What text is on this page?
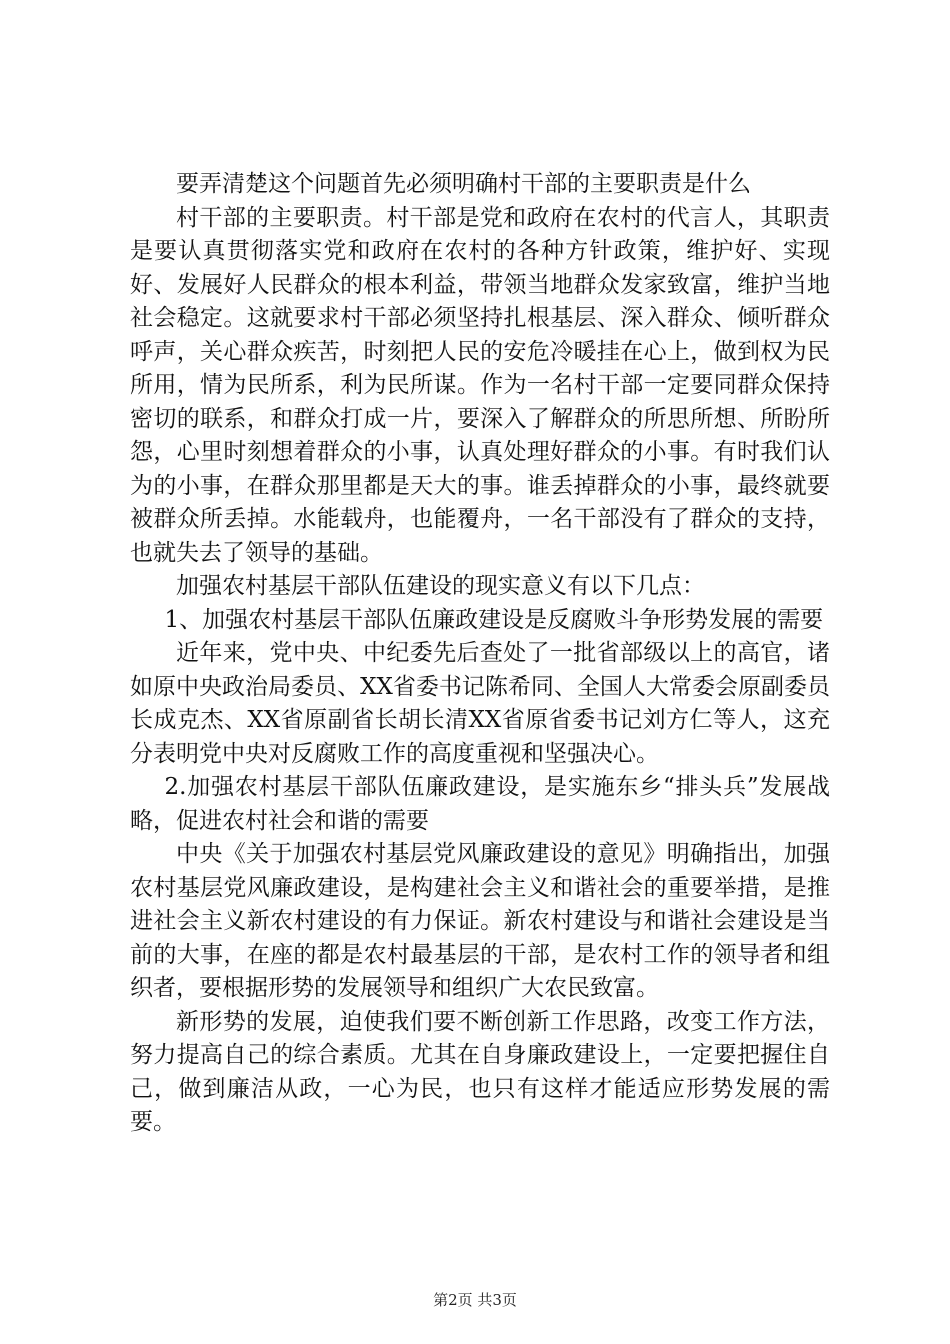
要弄清楚这个问题首先必须明确村干部的主要职责是什么

村干部的主要职责。村干部是党和政府在农村的代言人，其职责是要认真贯彻落实党和政府在农村的各种方针政策，维护好、实现好、发展好人民群众的根本利益，带领当地群众发家致富，维护当地社会稳定。这就要求村干部必须坚持扎根基层、深入群众、倾听群众呼声，关心群众疾苦，时刻把人民的安危冷暖挂在心上，做到权为民所用，情为民所系，利为民所谋。作为一名村干部一定要同群众保持密切的联系，和群众打成一片，要深入了解群众的所思所想、所盼所怨，心里时刻想着群众的小事，认真处理好群众的小事。有时我们认为的小事，在群众那里都是天大的事。谁丢掉群众的小事，最终就要被群众所丢掉。水能载舟，也能覆舟，一名干部没有了群众的支持，也就失去了领导的基础。

加强农村基层干部队伍建设的现实意义有以下几点：

1、加强农村基层干部队伍廉政建设是反腐败斗争形势发展的需要

近年来，党中央、中纪委先后查处了一批省部级以上的高官，诸如原中央政治局委员、XX省委书记陈希同、全国人大常委会原副委员长成克杰、XX省原副省长胡长清XX省原省委书记刘方仁等人，这充分表明党中央对反腐败工作的高度重视和坚强决心。

2.加强农村基层干部队伍廉政建设，是实施东乡“排头兵”发展战略，促进农村社会和谐的需要

中央《关于加强农村基层党风廉政建设的意见》明确指出，加强农村基层党风廉政建设，是构建社会主义和谐社会的重要举措，是推进社会主义新农村建设的有力保证。新农村建设与和谐社会建设是当前的大事，在座的都是农村最基层的干部，是农村工作的领导者和组织者，要根据形势的发展领导和组织广大农民致富。

新形势的发展，迫使我们要不断创新工作思路，改变工作方法，努力提高自己的综合素质。尤其在自身廉政建设上，一定要把握住自己，做到廉洁从政，一心为民，也只有这样才能适应形势发展的需要。

第2页 共3页
